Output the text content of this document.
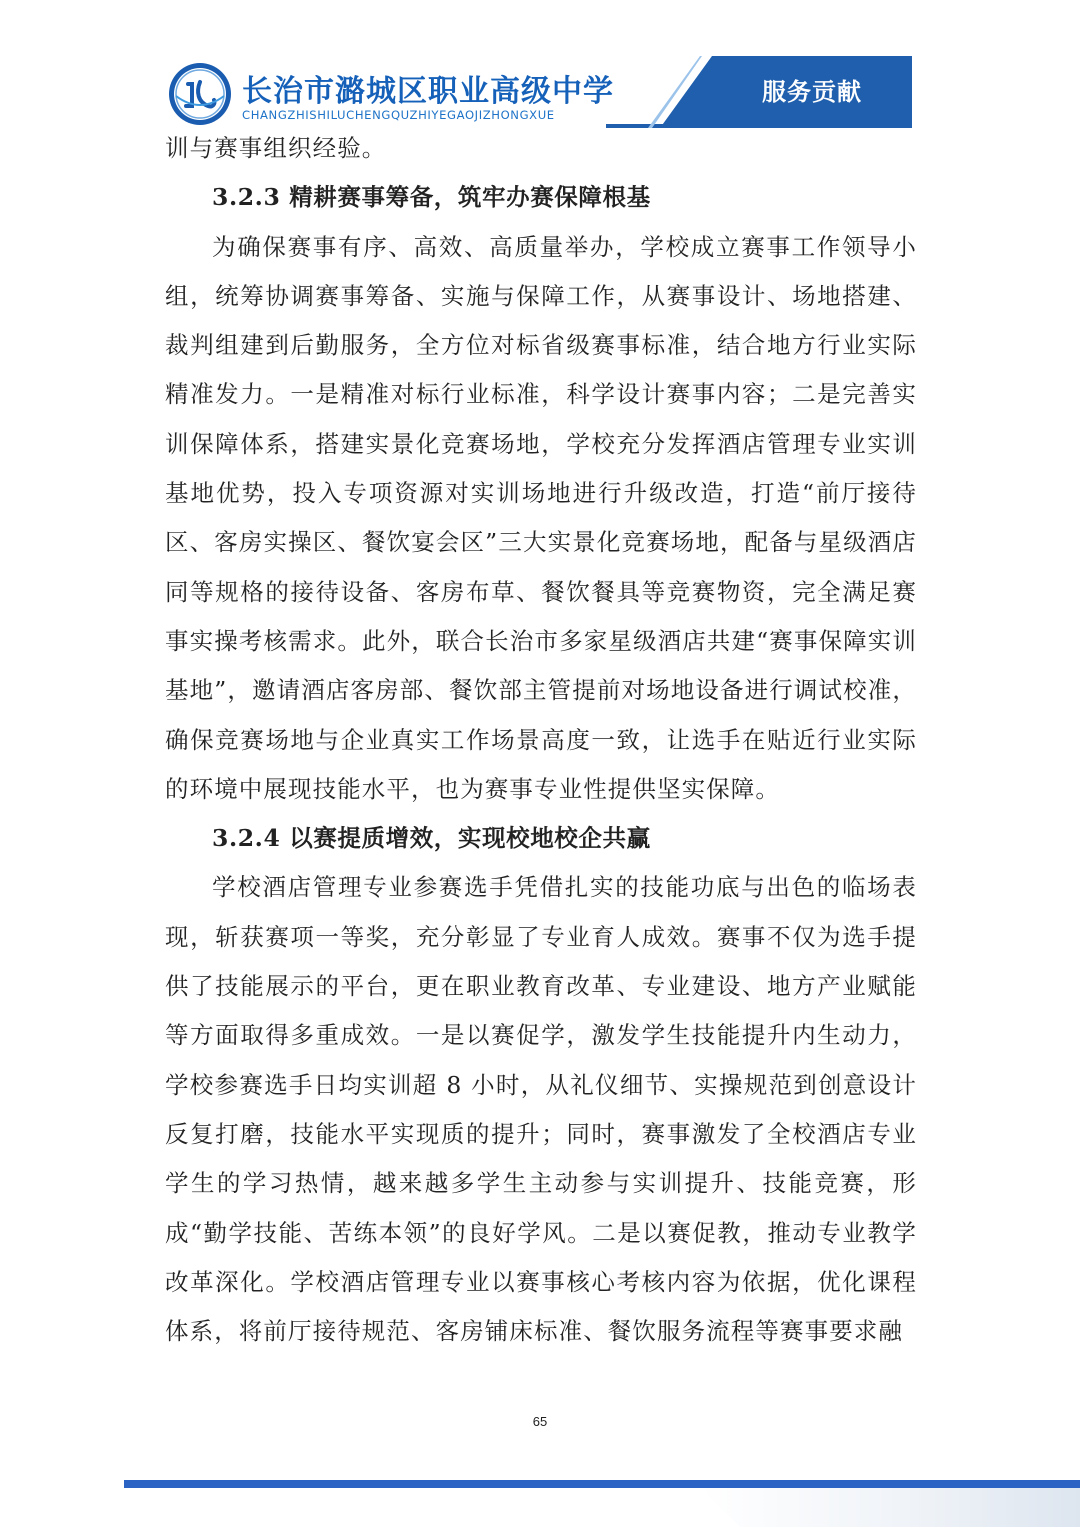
长治市潞城区职业高级中学
CHANGZHISHILUCHENGQUZHIYEGAOJIZHONGXUE
服务贡献

训与赛事组织经验。

3.2.3 精耕赛事筹备，筑牢办赛保障根基

为确保赛事有序、高效、高质量举办，学校成立赛事工作领导小组，统筹协调赛事筹备、实施与保障工作，从赛事设计、场地搭建、裁判组建到后勤服务，全方位对标省级赛事标准，结合地方行业实际精准发力。一是精准对标行业标准，科学设计赛事内容；二是完善实训保障体系，搭建实景化竞赛场地，学校充分发挥酒店管理专业实训基地优势，投入专项资源对实训场地进行升级改造，打造“前厅接待区、客房实操区、餐饮宴会区”三大实景化竞赛场地，配备与星级酒店同等规格的接待设备、客房布草、餐饮餐具等竞赛物资，完全满足赛事实操考核需求。此外，联合长治市多家星级酒店共建“赛事保障实训基地”，邀请酒店客房部、餐饮部主管提前对场地设备进行调试校准，确保竞赛场地与企业真实工作场景高度一致，让选手在贴近行业实际的环境中展现技能水平，也为赛事专业性提供坚实保障。

3.2.4 以赛提质增效，实现校地校企共赢

学校酒店管理专业参赛选手凭借扎实的技能功底与出色的临场表现，斩获赛项一等奖，充分彰显了专业育人成效。赛事不仅为选手提供了技能展示的平台，更在职业教育改革、专业建设、地方产业赋能等方面取得多重成效。一是以赛促学，激发学生技能提升内生动力，学校参赛选手日均实训超 8 小时，从礼仪细节、实操规范到创意设计反复打磨，技能水平实现质的提升；同时，赛事激发了全校酒店专业学生的学习热情，越来越多学生主动参与实训提升、技能竞赛，形成“勤学技能、苦练本领”的良好学风。二是以赛促教，推动专业教学改革深化。学校酒店管理专业以赛事核心考核内容为依据，优化课程体系，将前厅接待规范、客房铺床标准、餐饮服务流程等赛事要求融

65
